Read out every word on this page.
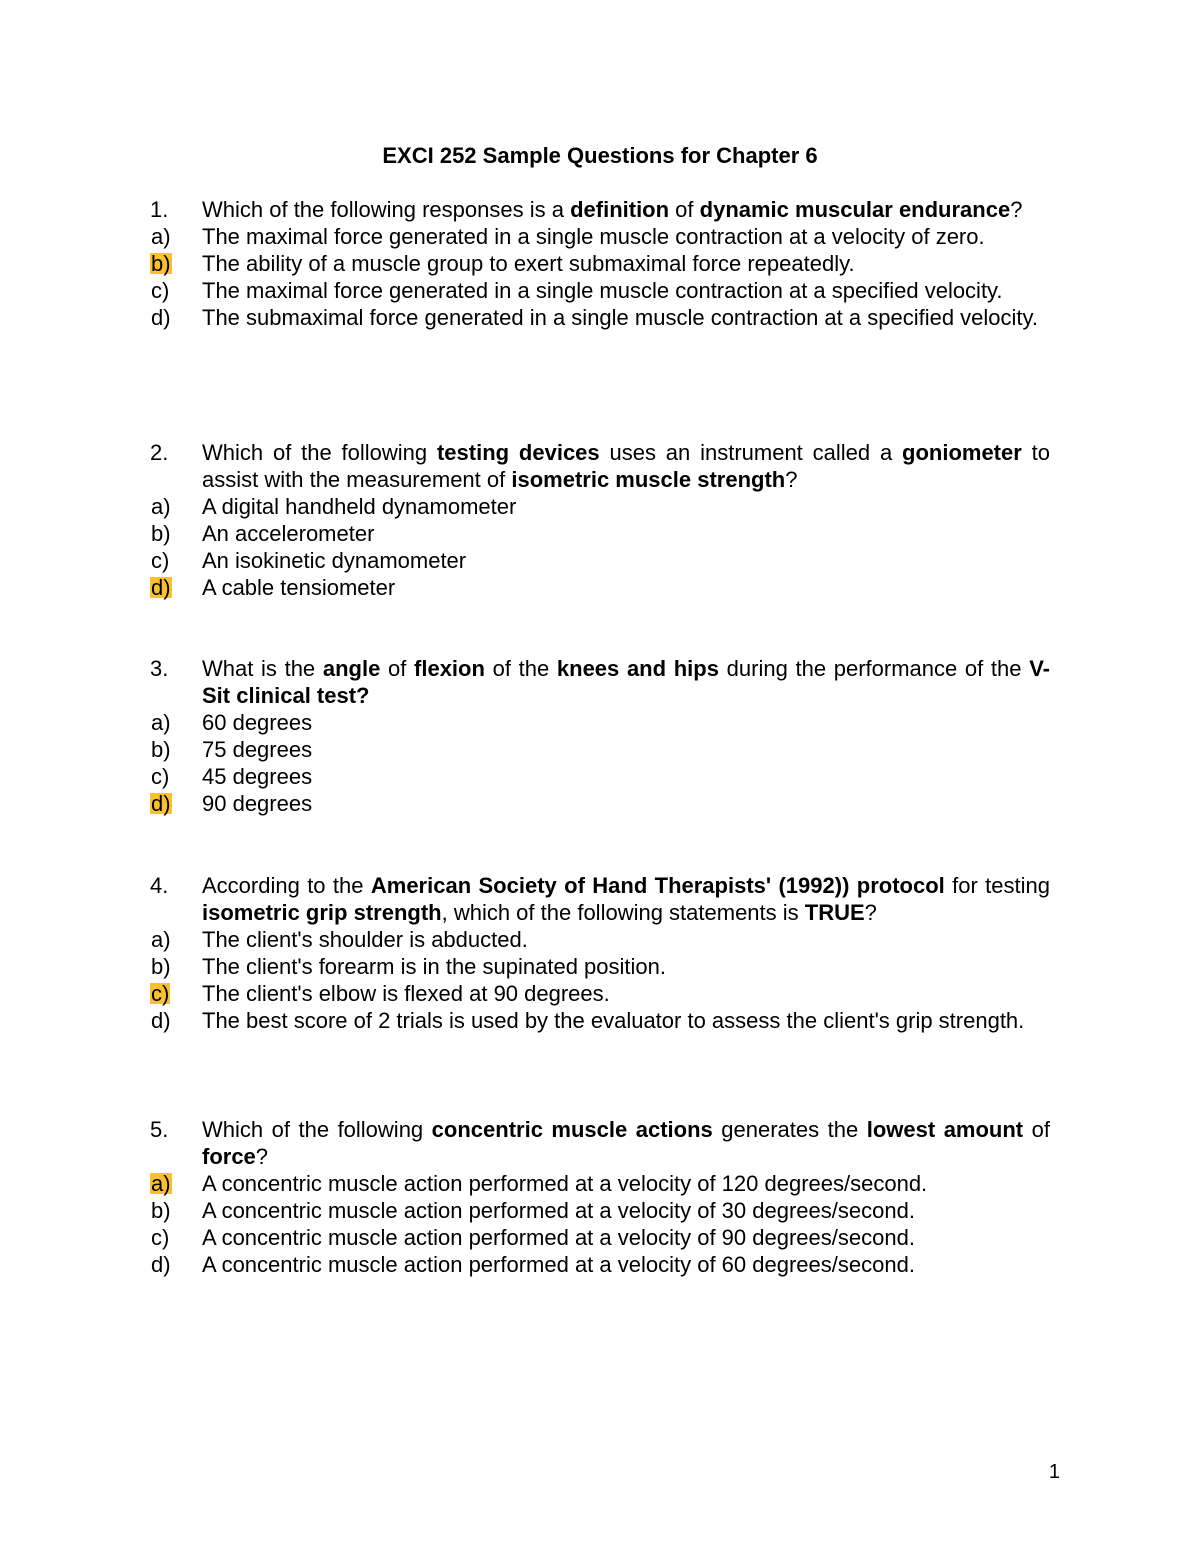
EXCI 252 Sample Questions for Chapter 6
1.	Which of the following responses is a definition of dynamic muscular endurance?
a)	The maximal force generated in a single muscle contraction at a velocity of zero.
b)	The ability of a muscle group to exert submaximal force repeatedly.
c)	The maximal force generated in a single muscle contraction at a specified velocity.
d)	The submaximal force generated in a single muscle contraction at a specified velocity.
2.	Which of the following testing devices uses an instrument called a goniometer to assist with the measurement of isometric muscle strength?
a)	A digital handheld dynamometer
b)	An accelerometer
c)	An isokinetic dynamometer
d)	A cable tensiometer
3.	What is the angle of flexion of the knees and hips during the performance of the V-Sit clinical test?
a)	60 degrees
b)	75 degrees
c)	45 degrees
d)	90 degrees
4.	According to the American Society of Hand Therapists' (1992)) protocol for testing isometric grip strength, which of the following statements is TRUE?
a)	The client's shoulder is abducted.
b)	The client's forearm is in the supinated position.
c)	The client's elbow is flexed at 90 degrees.
d)	The best score of 2 trials is used by the evaluator to assess the client's grip strength.
5.	Which of the following concentric muscle actions generates the lowest amount of force?
a)	A concentric muscle action performed at a velocity of 120 degrees/second.
b)	A concentric muscle action performed at a velocity of 30 degrees/second.
c)	A concentric muscle action performed at a velocity of 90 degrees/second.
d)	A concentric muscle action performed at a velocity of 60 degrees/second.
1
